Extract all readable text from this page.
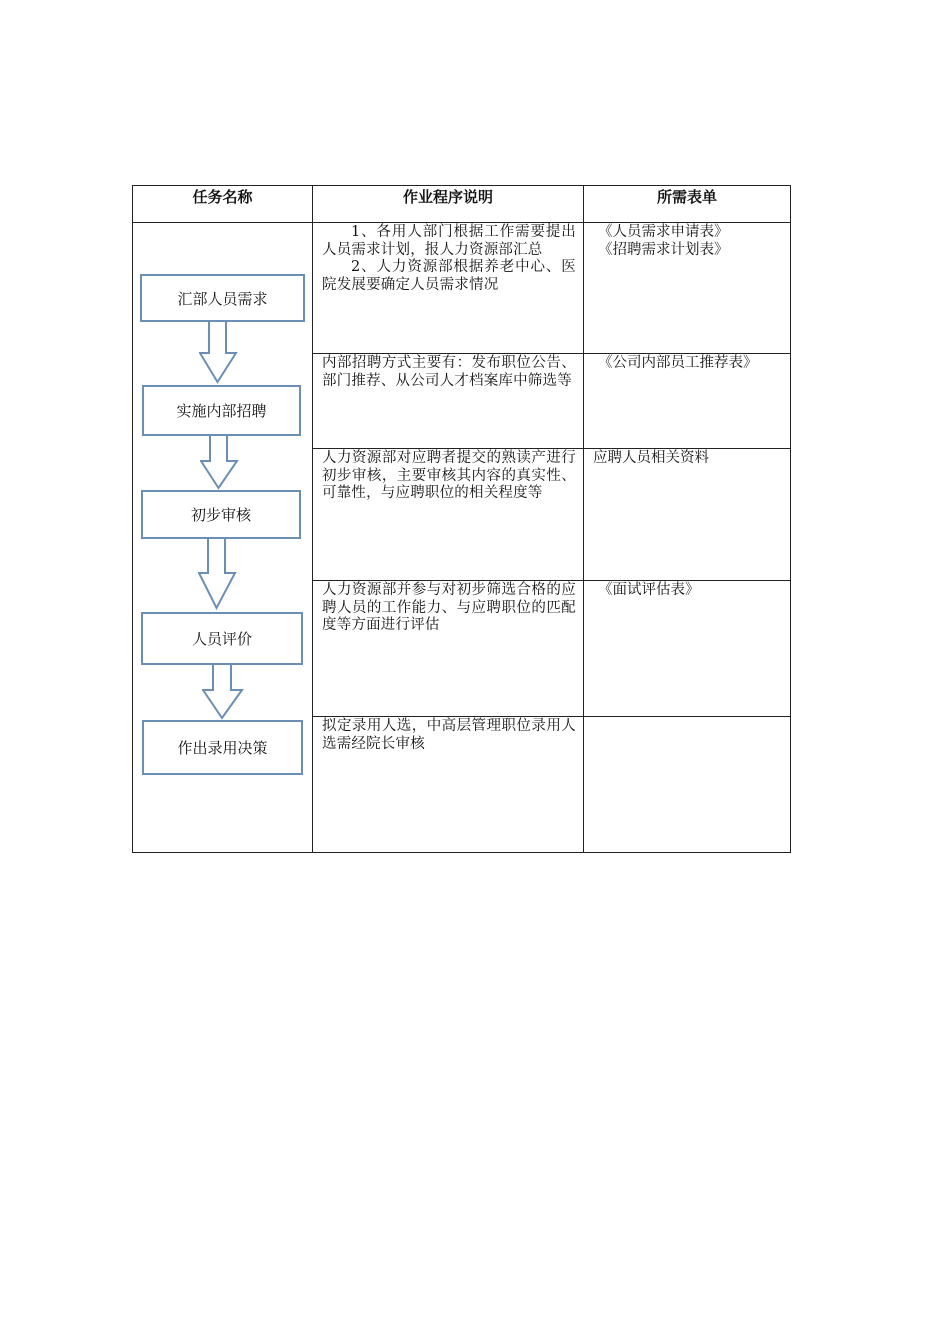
任务名称	作业程序说明	所需表单
1、各用人部门根据工作需要提出人员需求计划，报人力资源部汇总
2、人力资源部根据养老中心、医院发展要确定人员需求情况
《人员需求申请表》
《招聘需求计划表》
内部招聘方式主要有：发布职位公告、部门推荐、从公司人才档案库中筛选等
《公司内部员工推荐表》
人力资源部对应聘者提交的熟读产进行初步审核，主要审核其内容的真实性、可靠性，与应聘职位的相关程度等
应聘人员相关资料
人力资源部并参与对初步筛选合格的应聘人员的工作能力、与应聘职位的匹配度等方面进行评估
《面试评估表》
拟定录用人选，中高层管理职位录用人选需经院长审核
汇部人员需求
实施内部招聘
初步审核
人员评价
作出录用决策
